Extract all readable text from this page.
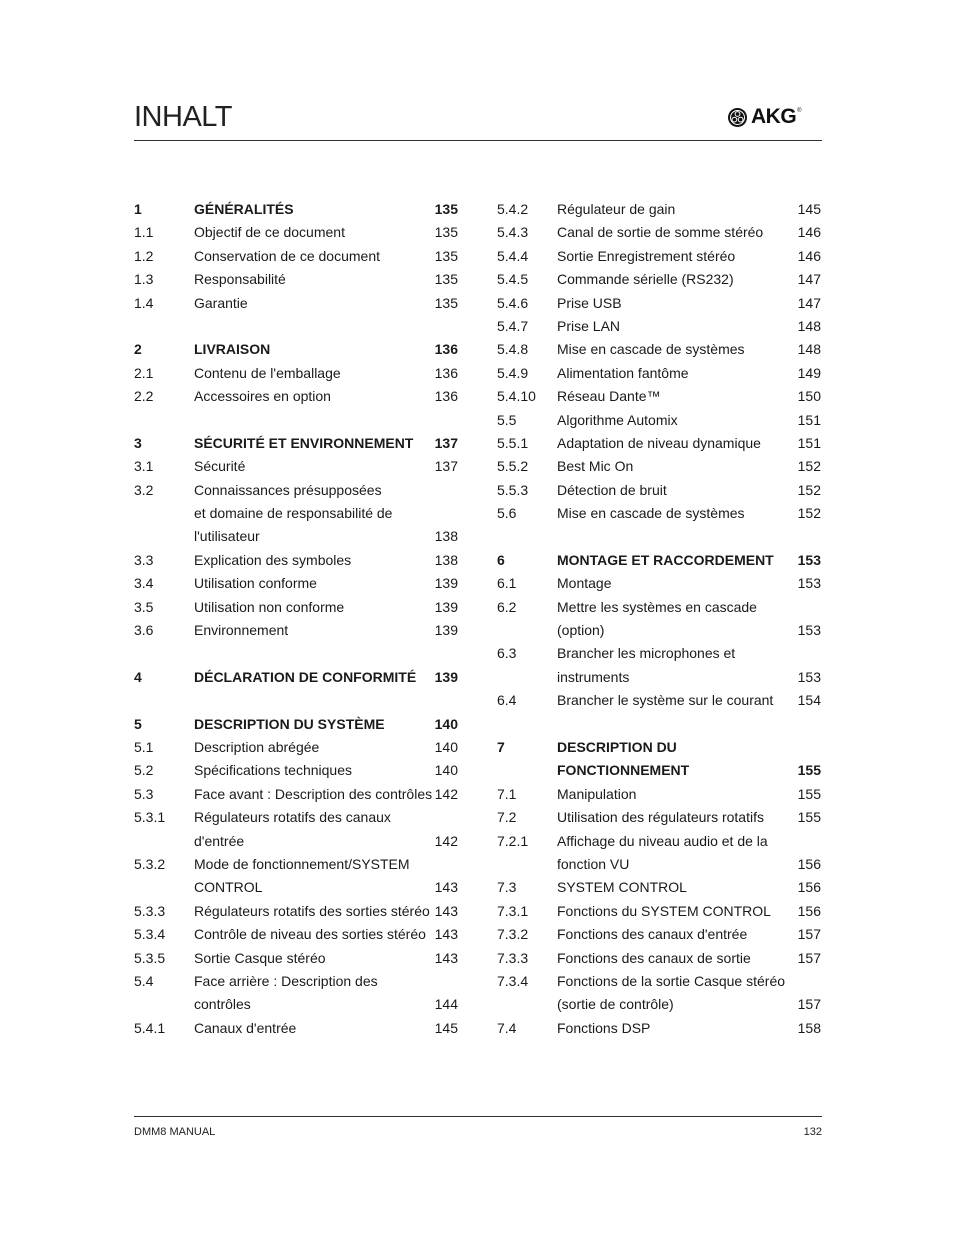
INHALT	AKG ®
1	GÉNÉRALITÉS	135
1.1	Objectif de ce document	135
1.2	Conservation de ce document	135
1.3	Responsabilité	135
1.4	Garantie	135
2	LIVRAISON	136
2.1	Contenu de l'emballage	136
2.2	Accessoires en option	136
3	SÉCURITÉ ET ENVIRONNEMENT 137
3.1	Sécurité	137
3.2	Connaissances présupposées
et domaine de responsabilité de
l'utilisateur	138
3.3	Explication des symboles	138
3.4	Utilisation conforme	139
3.5	Utilisation non conforme	139
3.6	Environnement	139
4	DÉCLARATION DE CONFORMITÉ 139
5	DESCRIPTION DU SYSTÈME	140
5.1	Description abrégée	140
5.2	Spécifications techniques	140
5.3	Face avant : Description des contrôles 142
5.3.1 Régulateurs rotatifs des canaux
d'entrée	142
5.3.2 Mode de fonctionnement/SYSTEM
CONTROL	143
5.3.3 Régulateurs rotatifs des sorties stéréo 143
5.3.4 Contrôle de niveau des sorties stéréo 143
5.3.5 Sortie Casque stéréo	143
5.4	Face arrière : Description des
contrôles	144
5.4.1 Canaux d'entrée	145
5.4.2 Régulateur de gain	145
5.4.3 Canal de sortie de somme stéréo 146
5.4.4 Sortie Enregistrement stéréo	146
5.4.5 Commande sérielle (RS232)	147
5.4.6 Prise USB	147
5.4.7 Prise LAN	148
5.4.8 Mise en cascade de systèmes	148
5.4.9 Alimentation fantôme	149
5.4.10 Réseau Dante™	150
5.5	Algorithme Automix	151
5.5.1 Adaptation de niveau dynamique	151
5.5.2 Best Mic On	152
5.5.3 Détection de bruit	152
5.6	Mise en cascade de systèmes	152
6	MONTAGE ET RACCORDEMENT 153
6.1	Montage	153
6.2	Mettre les systèmes en cascade
(option)	153
6.3	Brancher les microphones et
instruments	153
6.4	Brancher le système sur le courant 154
7	DESCRIPTION DU
FONCTIONNEMENT	155
7.1	Manipulation	155
7.2	Utilisation des régulateurs rotatifs 155
7.2.1 Affichage du niveau audio et de la
fonction VU	156
7.3	SYSTEM CONTROL	156
7.3.1 Fonctions du SYSTEM CONTROL 156
7.3.2 Fonctions des canaux d'entrée	157
7.3.3 Fonctions des canaux de sortie	157
7.3.4 Fonctions de la sortie Casque stéréo
(sortie de contrôle)	157
7.4	Fonctions DSP	158
DMM8 MANUAL	132
